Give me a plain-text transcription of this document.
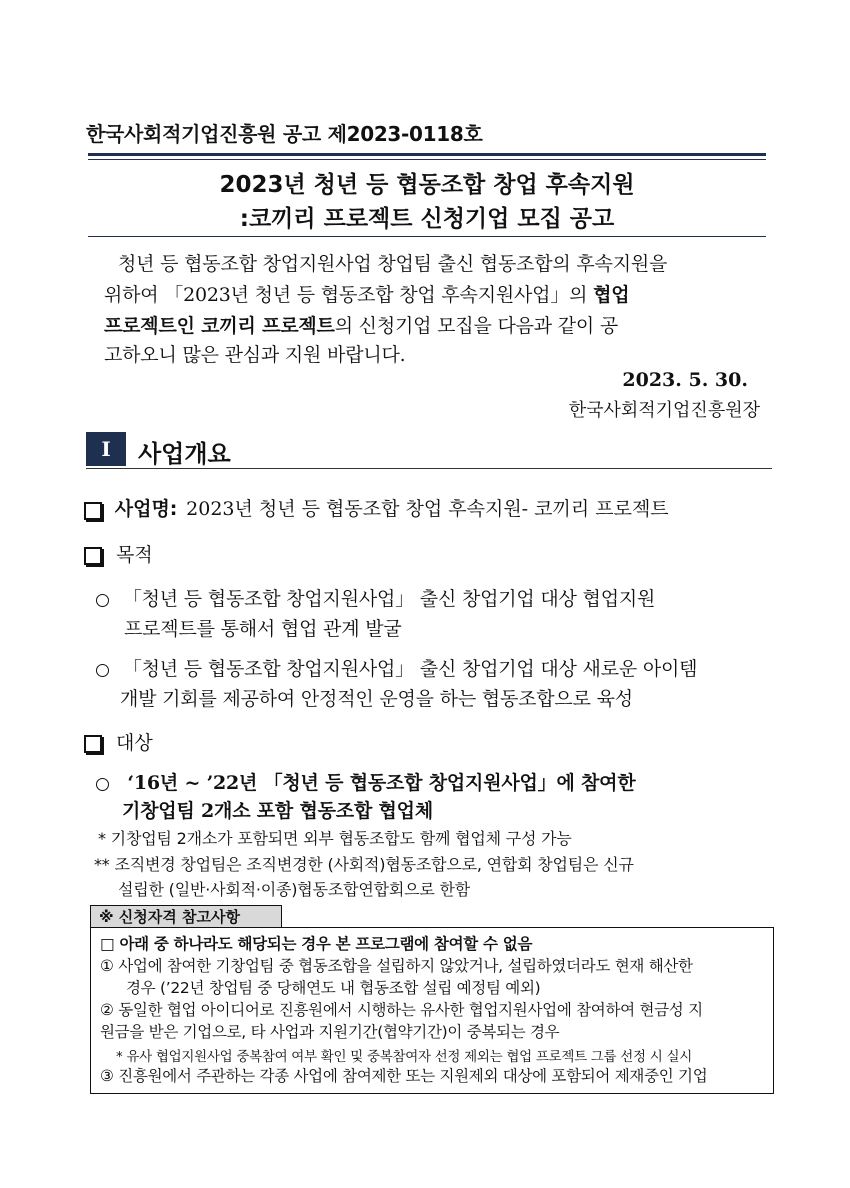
한국사회적기업진흥원 공고 제2023-0118호
2023년 청년 등 협동조합 창업 후속지원
:코끼리 프로젝트 신청기업 모집 공고
청년 등 협동조합 창업지원사업 창업팀 출신 협동조합의 후속지원을
위하여 「2023년 청년 등 협동조합 창업 후속지원사업」의 협업
프로젝트인 코끼리 프로젝트의 신청기업 모집을 다음과 같이 공
고하오니 많은 관심과 지원 바랍니다.
2023. 5. 30.
한국사회적기업진흥원장
I	사업개요
사업명: 2023년 청년 등 협동조합 창업 후속지원- 코끼리 프로젝트
목적
「청년 등 협동조합 창업지원사업」 출신 창업기업 대상 협업지원
프로젝트를 통해서 협업 관계 발굴
「청년 등 협동조합 창업지원사업」 출신 창업기업 대상 새로운 아이템
개발 기회를 제공하여 안정적인 운영을 하는 협동조합으로 육성
대상
‘16년 ~ ’22년 「청년 등 협동조합 창업지원사업」에 참여한
기창업팀 2개소 포함 협동조합 협업체
* 기창업팀 2개소가 포함되면 외부 협동조합도 함께 협업체 구성 가능
** 조직변경 창업팀은 조직변경한 (사회적)협동조합으로, 연합회 창업팀은 신규
설립한 (일반·사회적·이종)협동조합연합회으로 한함
※ 신청자격 참고사항
□ 아래 중 하나라도 해당되는 경우 본 프로그램에 참여할 수 없음
① 사업에 참여한 기창업팀 중 협동조합을 설립하지 않았거나, 설립하였더라도 현재 해산한
경우 (’22년 창업팀 중 당해연도 내 협동조합 설립 예정팀 예외)
② 동일한 협업 아이디어로 진흥원에서 시행하는 유사한 협업지원사업에 참여하여 현금성 지
원금을 받은 기업으로, 타 사업과 지원기간(협약기간)이 중복되는 경우
* 유사 협업지원사업 중복참여 여부 확인 및 중복참여자 선정 제외는 협업 프로젝트 그룹 선정 시 실시
③ 진흥원에서 주관하는 각종 사업에 참여제한 또는 지원제외 대상에 포함되어 제재중인 기업
